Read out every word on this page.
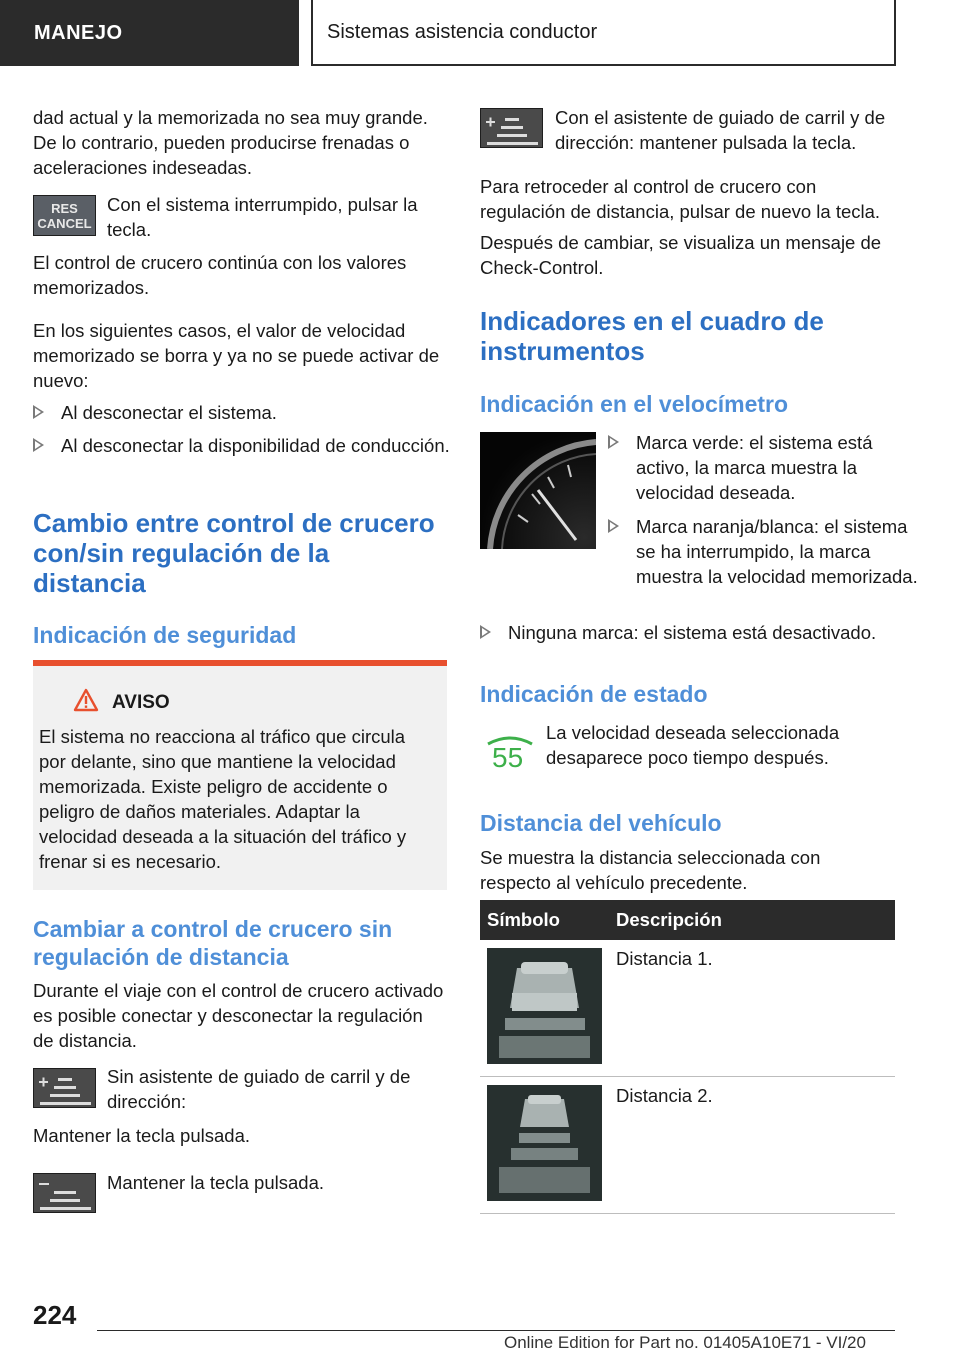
MANEJO	Sistemas asistencia conductor

dad actual y la memorizada no sea muy grande. De lo contrario, pueden producirse frenadas o aceleraciones indeseadas.

RES
CANCEL

Con el sistema interrumpido, pulsar la tecla.

El control de crucero continúa con los valores memorizados.

En los siguientes casos, el valor de velocidad memorizado se borra y ya no se puede activar de nuevo:

Al desconectar el sistema.
Al desconectar la disponibilidad de conducción.
Cambio entre control de crucero con/sin regulación de la distancia
Indicación de seguridad
AVISO
El sistema no reacciona al tráfico que circula por delante, sino que mantiene la velocidad memorizada. Existe peligro de accidente o peligro de daños materiales. Adaptar la velocidad deseada a la situación del tráfico y frenar si es necesario.
Cambiar a control de crucero sin regulación de distancia

Durante el viaje con el control de crucero activado es posible conectar y desconectar la regulación de distancia.

Sin asistente de guiado de carril y de dirección:

Mantener la tecla pulsada.

Mantener la tecla pulsada.

Con el asistente de guiado de carril y de dirección: mantener pulsada la tecla.

Para retroceder al control de crucero con regulación de distancia, pulsar de nuevo la tecla.

Después de cambiar, se visualiza un mensaje de Check-Control.

Indicadores en el cuadro de instrumentos
Indicación en el velocímetro
Marca verde: el sistema está activo, la marca muestra la velocidad deseada.
Marca naranja/blanca: el sistema se ha interrumpido, la marca muestra la velocidad memorizada.
Ninguna marca: el sistema está desactivado.
Indicación de estado
55

La velocidad deseada seleccionada desaparece poco tiempo después.

Distancia del vehículo

Se muestra la distancia seleccionada con respecto al vehículo precedente.

Símbolo	Descripción

	Distancia 1.

	Distancia 2.
224
Online Edition for Part no. 01405A10E71 - VI/20
